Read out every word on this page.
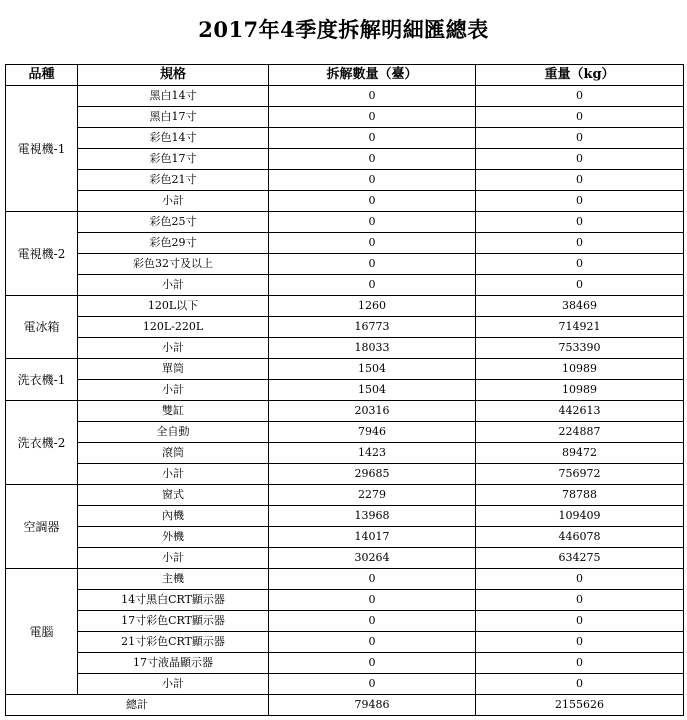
2017年4季度拆解明細匯總表
品種	規格	拆解數量（臺）	重量（kg）
電視機-1	黑白14寸	0	0
	黑白17寸	0	0
	彩色14寸	0	0
	彩色17寸	0	0
	彩色21寸	0	0
	小計	0	0
電視機-2	彩色25寸	0	0
	彩色29寸	0	0
	彩色32寸及以上	0	0
	小計	0	0
電冰箱	120L以下	1260	38469
	120L-220L	16773	714921
	小計	18033	753390
洗衣機-1	單筒	1504	10989
	小計	1504	10989
洗衣機-2	雙缸	20316	442613
	全自動	7946	224887
	滾筒	1423	89472
	小計	29685	756972
空調器	窗式	2279	78788
	內機	13968	109409
	外機	14017	446078
	小計	30264	634275
電腦	主機	0	0
	14寸黑白CRT顯示器	0	0
	17寸彩色CRT顯示器	0	0
	21寸彩色CRT顯示器	0	0
	17寸液晶顯示器	0	0
	小計	0	0
總計		79486	2155626
